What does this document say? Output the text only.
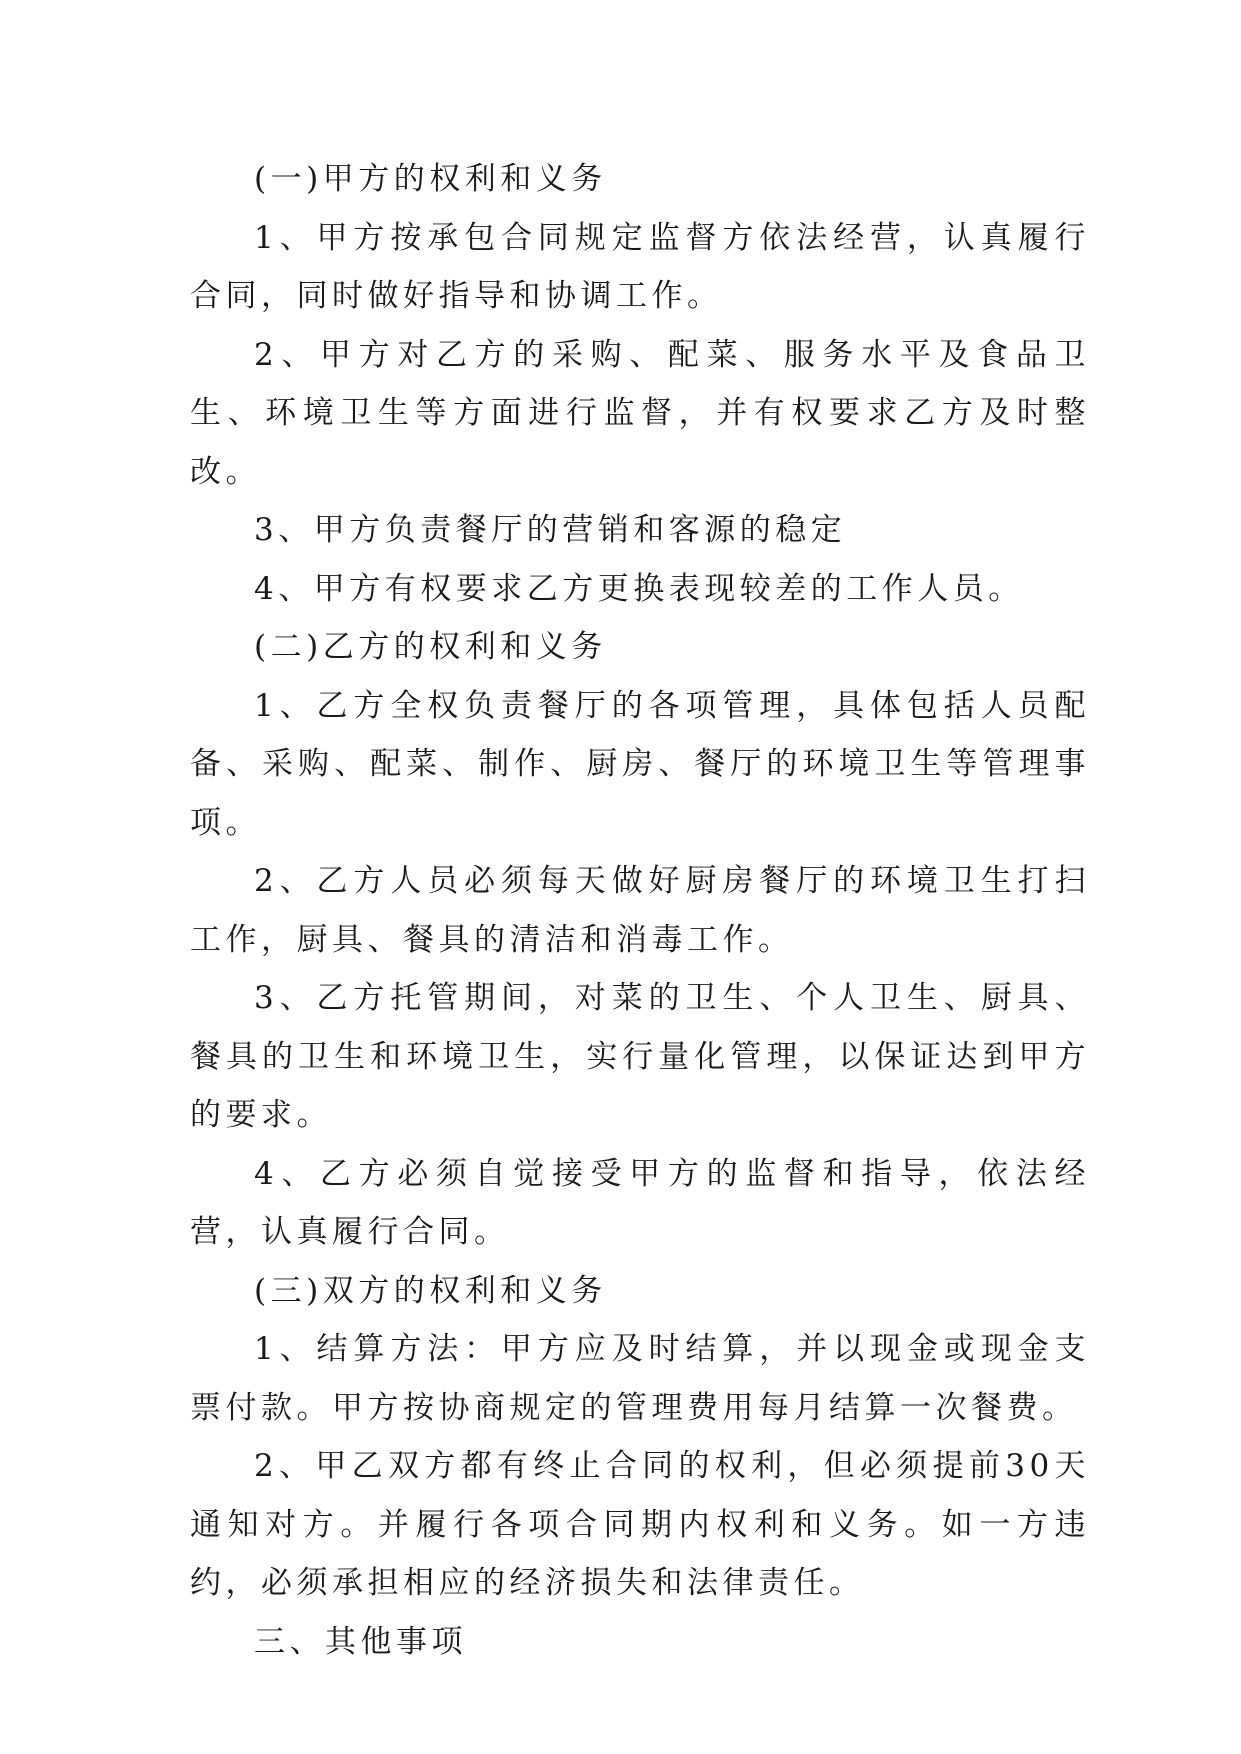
(一)甲方的权利和义务

1、甲方按承包合同规定监督方依法经营，认真履行合同，同时做好指导和协调工作。

2、甲方对乙方的采购、配菜、服务水平及食品卫生、环境卫生等方面进行监督，并有权要求乙方及时整改。

3、甲方负责餐厅的营销和客源的稳定

4、甲方有权要求乙方更换表现较差的工作人员。

(二)乙方的权利和义务

1、乙方全权负责餐厅的各项管理，具体包括人员配备、采购、配菜、制作、厨房、餐厅的环境卫生等管理事项。

2、乙方人员必须每天做好厨房餐厅的环境卫生打扫工作，厨具、餐具的清洁和消毒工作。

3、乙方托管期间，对菜的卫生、个人卫生、厨具、餐具的卫生和环境卫生，实行量化管理，以保证达到甲方的要求。

4、乙方必须自觉接受甲方的监督和指导，依法经营，认真履行合同。

(三)双方的权利和义务

1、结算方法：甲方应及时结算，并以现金或现金支票付款。甲方按协商规定的管理费用每月结算一次餐费。

2、甲乙双方都有终止合同的权利，但必须提前30天通知对方。并履行各项合同期内权利和义务。如一方违约，必须承担相应的经济损失和法律责任。

三、其他事项
